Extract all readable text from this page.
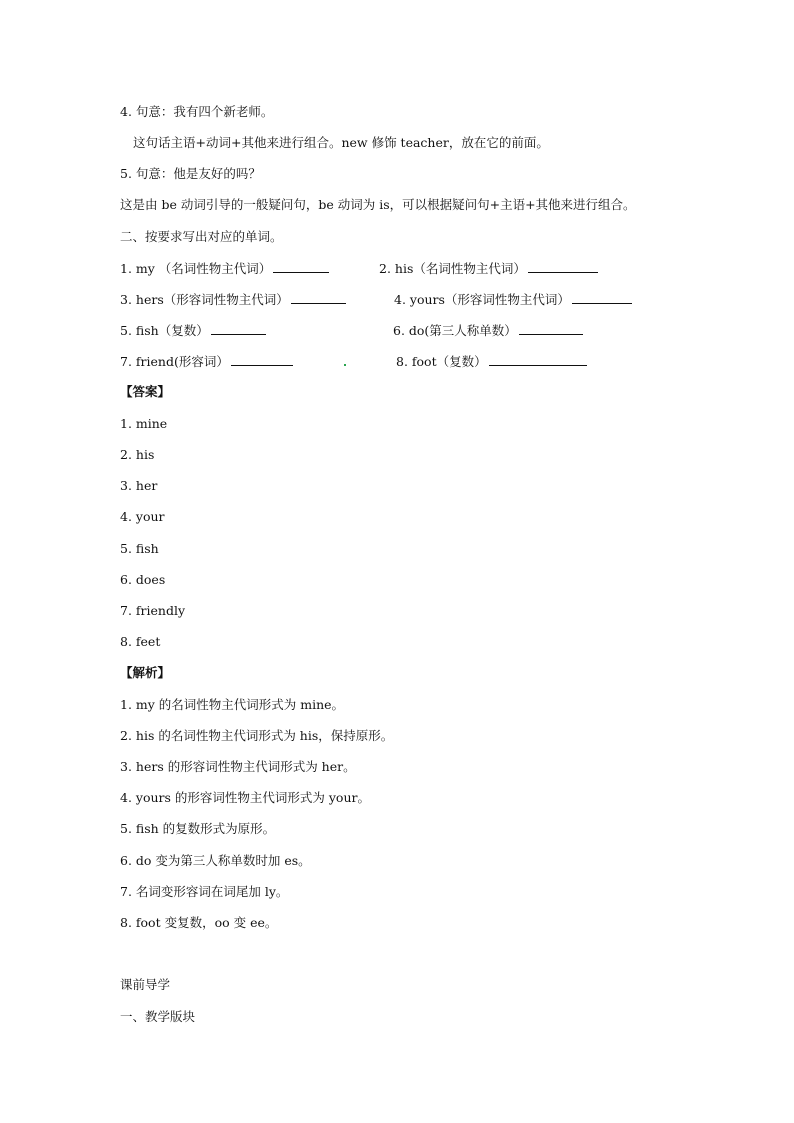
4. 句意：我有四个新老师。
这句话主语+动词+其他来进行组合。new 修饰 teacher，放在它的前面。
5. 句意：他是友好的吗？
这是由 be 动词引导的一般疑问句，be 动词为 is，可以根据疑问句+主语+其他来进行组合。
二、按要求写出对应的单词。
1. my （名词性物主代词）	2. his（名词性物主代词）
3. hers（形容词性物主代词）	4. yours（形容词性物主代词）
5. fish（复数）	6. do(第三人称单数）
7. friend(形容词）	8. foot（复数）
【答案】
1. mine
2. his
3. her
4. your
5. fish
6. does
7. friendly
8. feet
【解析】
1. my 的名词性物主代词形式为 mine。
2. his 的名词性物主代词形式为 his，保持原形。
3. hers 的形容词性物主代词形式为 her。
4. yours 的形容词性物主代词形式为 your。
5. fish 的复数形式为原形。
6. do 变为第三人称单数时加 es。
7. 名词变形容词在词尾加 ly。
8. foot 变复数，oo 变 ee。
课前导学
一、教学版块
